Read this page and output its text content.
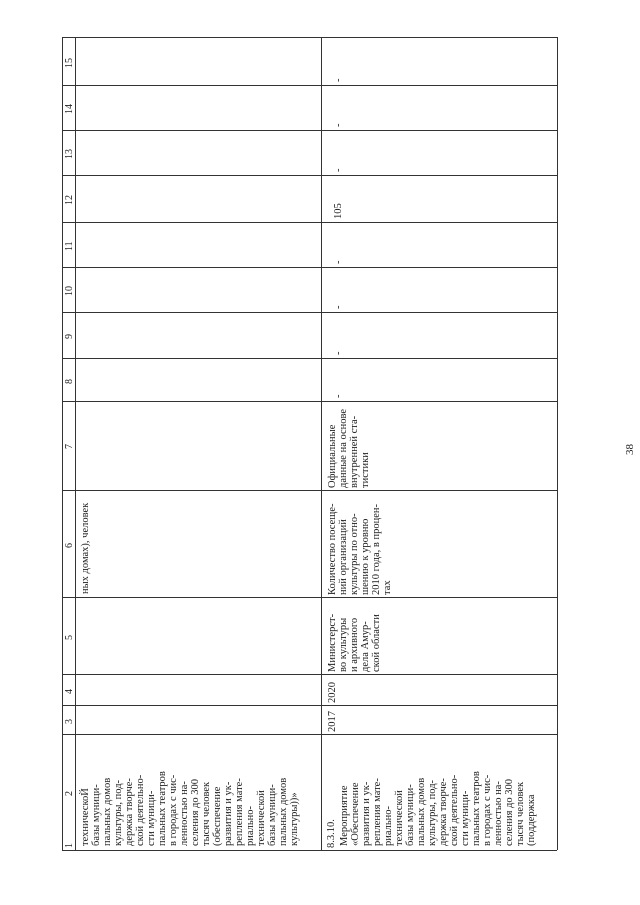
38
1
2
3
4
5
6
7
8
9
10
11
12
13
14
15
техническоЙ
базы муници-
пальных домов
культуры, под-
держка творче-
ской деятельно-
сти муници-
пальных театров
в городах с чис-
ленностью на-
селения до 300
тысяч человек
(обеспечение
развития и ук-
репления мате-
риально-
технической
базы муници-
пальных домов
культуры))»
ных домах), человек
8.3.10. Мероприятие
«Обеспечение
развития и ук-
репления мате-
риально-
технической
базы муници-
пальных домов
культуры, под-
держка творче-
ской деятельно-
сти муници-
пальных театров
в городах с чис-
ленностью на-
селения до 300
тысяч человек
(поддержка
2017
2020
Министерст-
во культуры
и архивного
дела Амур-
ской области
Количество посеще-
ний организаций
культуры по отно-
шению к уровню
2010 года, в процен-
тах
Официальные
данные на основе
внутренней ста-
тистики
-
-
-
-
105
-
-
-
